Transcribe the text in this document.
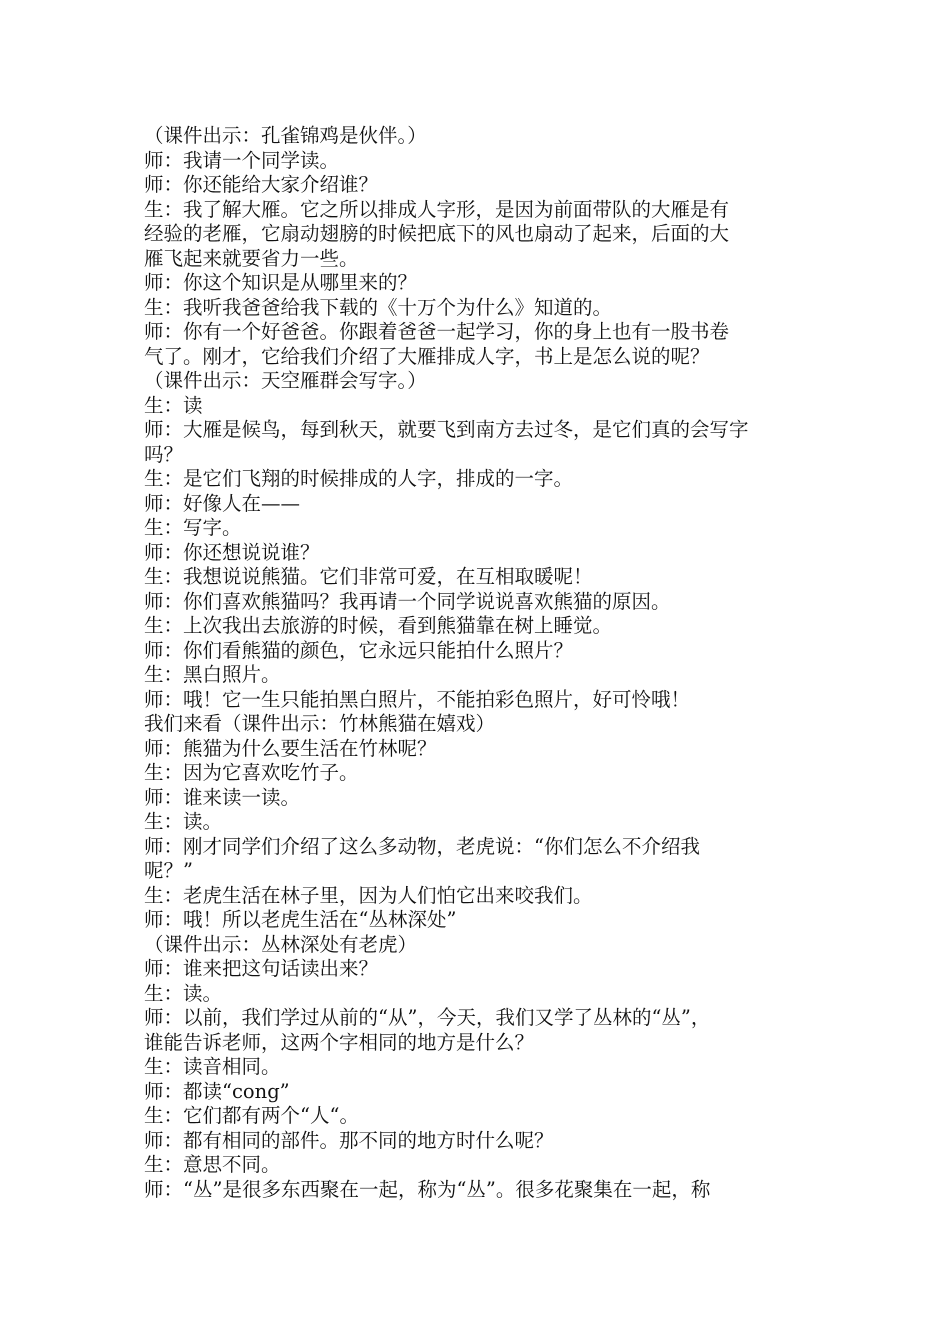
（课件出示：孔雀锦鸡是伙伴。）
师：我请一个同学读。
师：你还能给大家介绍谁？
生：我了解大雁。它之所以排成人字形，是因为前面带队的大雁是有
经验的老雁，它扇动翅膀的时候把底下的风也扇动了起来，后面的大
雁飞起来就要省力一些。
师：你这个知识是从哪里来的？
生：我听我爸爸给我下载的《十万个为什么》知道的。
师：你有一个好爸爸。你跟着爸爸一起学习，你的身上也有一股书卷
气了。刚才，它给我们介绍了大雁排成人字，书上是怎么说的呢？
（课件出示：天空雁群会写字。）
生：读
师：大雁是候鸟，每到秋天，就要飞到南方去过冬，是它们真的会写字
吗？
生：是它们飞翔的时候排成的人字，排成的一字。
师：好像人在——
生：写字。
师：你还想说说谁？
生：我想说说熊猫。它们非常可爱，在互相取暖呢！
师：你们喜欢熊猫吗？我再请一个同学说说喜欢熊猫的原因。
生：上次我出去旅游的时候，看到熊猫靠在树上睡觉。
师：你们看熊猫的颜色，它永远只能拍什么照片？
生：黑白照片。
师：哦！它一生只能拍黑白照片，不能拍彩色照片，好可怜哦！
我们来看（课件出示：竹林熊猫在嬉戏）
师：熊猫为什么要生活在竹林呢？
生：因为它喜欢吃竹子。
师：谁来读一读。
生：读。
师：刚才同学们介绍了这么多动物，老虎说：“你们怎么不介绍我
呢？”
生：老虎生活在林子里，因为人们怕它出来咬我们。
师：哦！所以老虎生活在“丛林深处”
（课件出示：丛林深处有老虎）
师：谁来把这句话读出来？
生：读。
师：以前，我们学过从前的“从”，今天，我们又学了丛林的“丛”，
谁能告诉老师，这两个字相同的地方是什么？
生：读音相同。
师：都读“cong”
生：它们都有两个“人“。
师：都有相同的部件。那不同的地方时什么呢？
生：意思不同。
师：“丛”是很多东西聚在一起，称为“丛”。很多花聚集在一起，称
